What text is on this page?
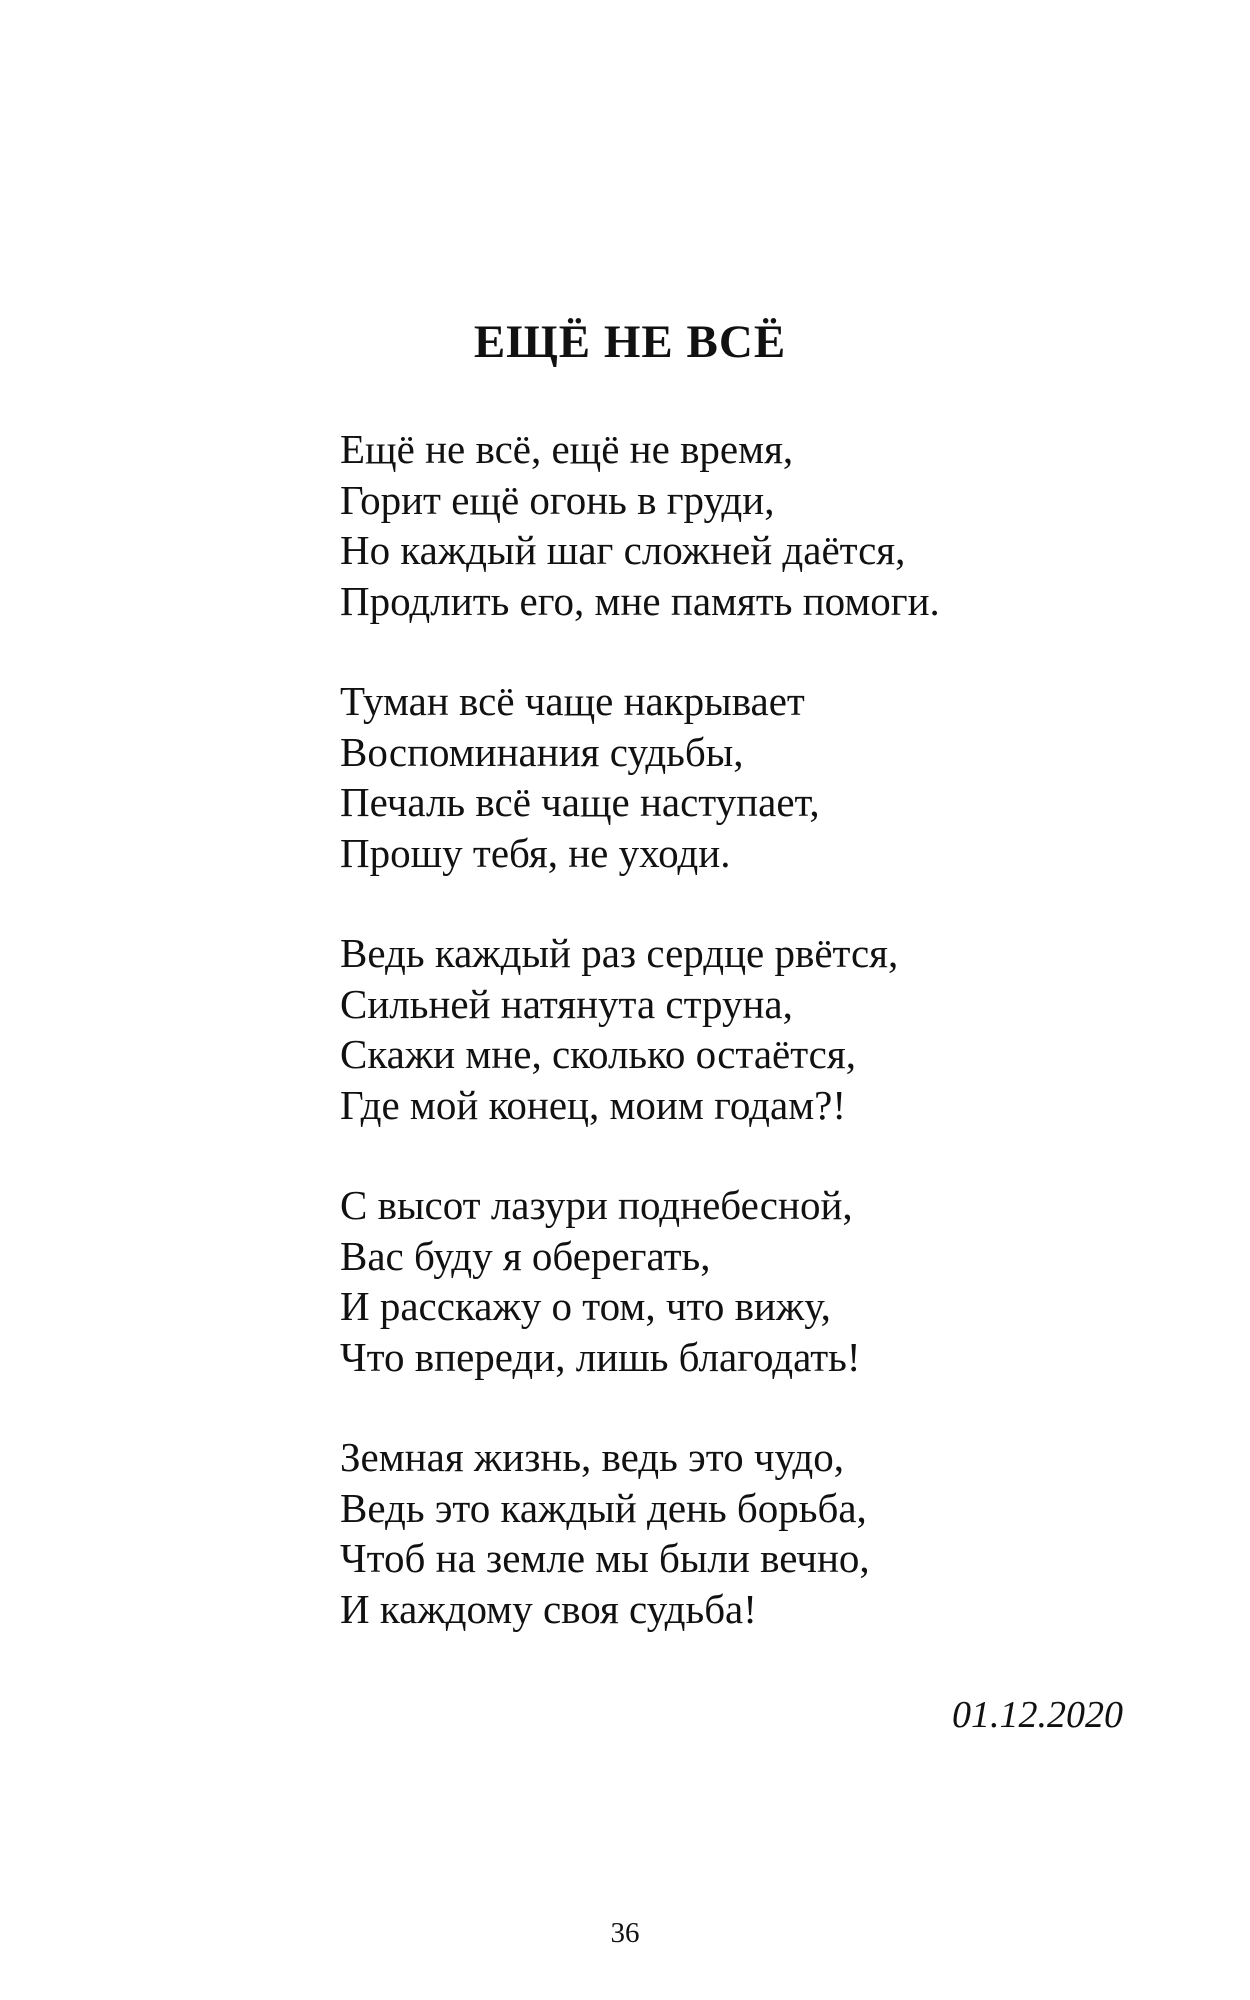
ЕЩЁ НЕ ВСЁ
Ещё не всё, ещё не время,
Горит ещё огонь в груди,
Но каждый шаг сложней даётся,
Продлить его, мне память помоги.
Туман всё чаще накрывает
Воспоминания судьбы,
Печаль всё чаще наступает,
Прошу тебя, не уходи.
Ведь каждый раз сердце рвётся,
Сильней натянута струна,
Скажи мне, сколько остаётся,
Где мой конец, моим годам?!
С высот лазури поднебесной,
Вас буду я оберегать,
И расскажу о том, что вижу,
Что впереди, лишь благодать!
Земная жизнь, ведь это чудо,
Ведь это каждый день борьба,
Чтоб на земле мы были вечно,
И каждому своя судьба!
01.12.2020
36
